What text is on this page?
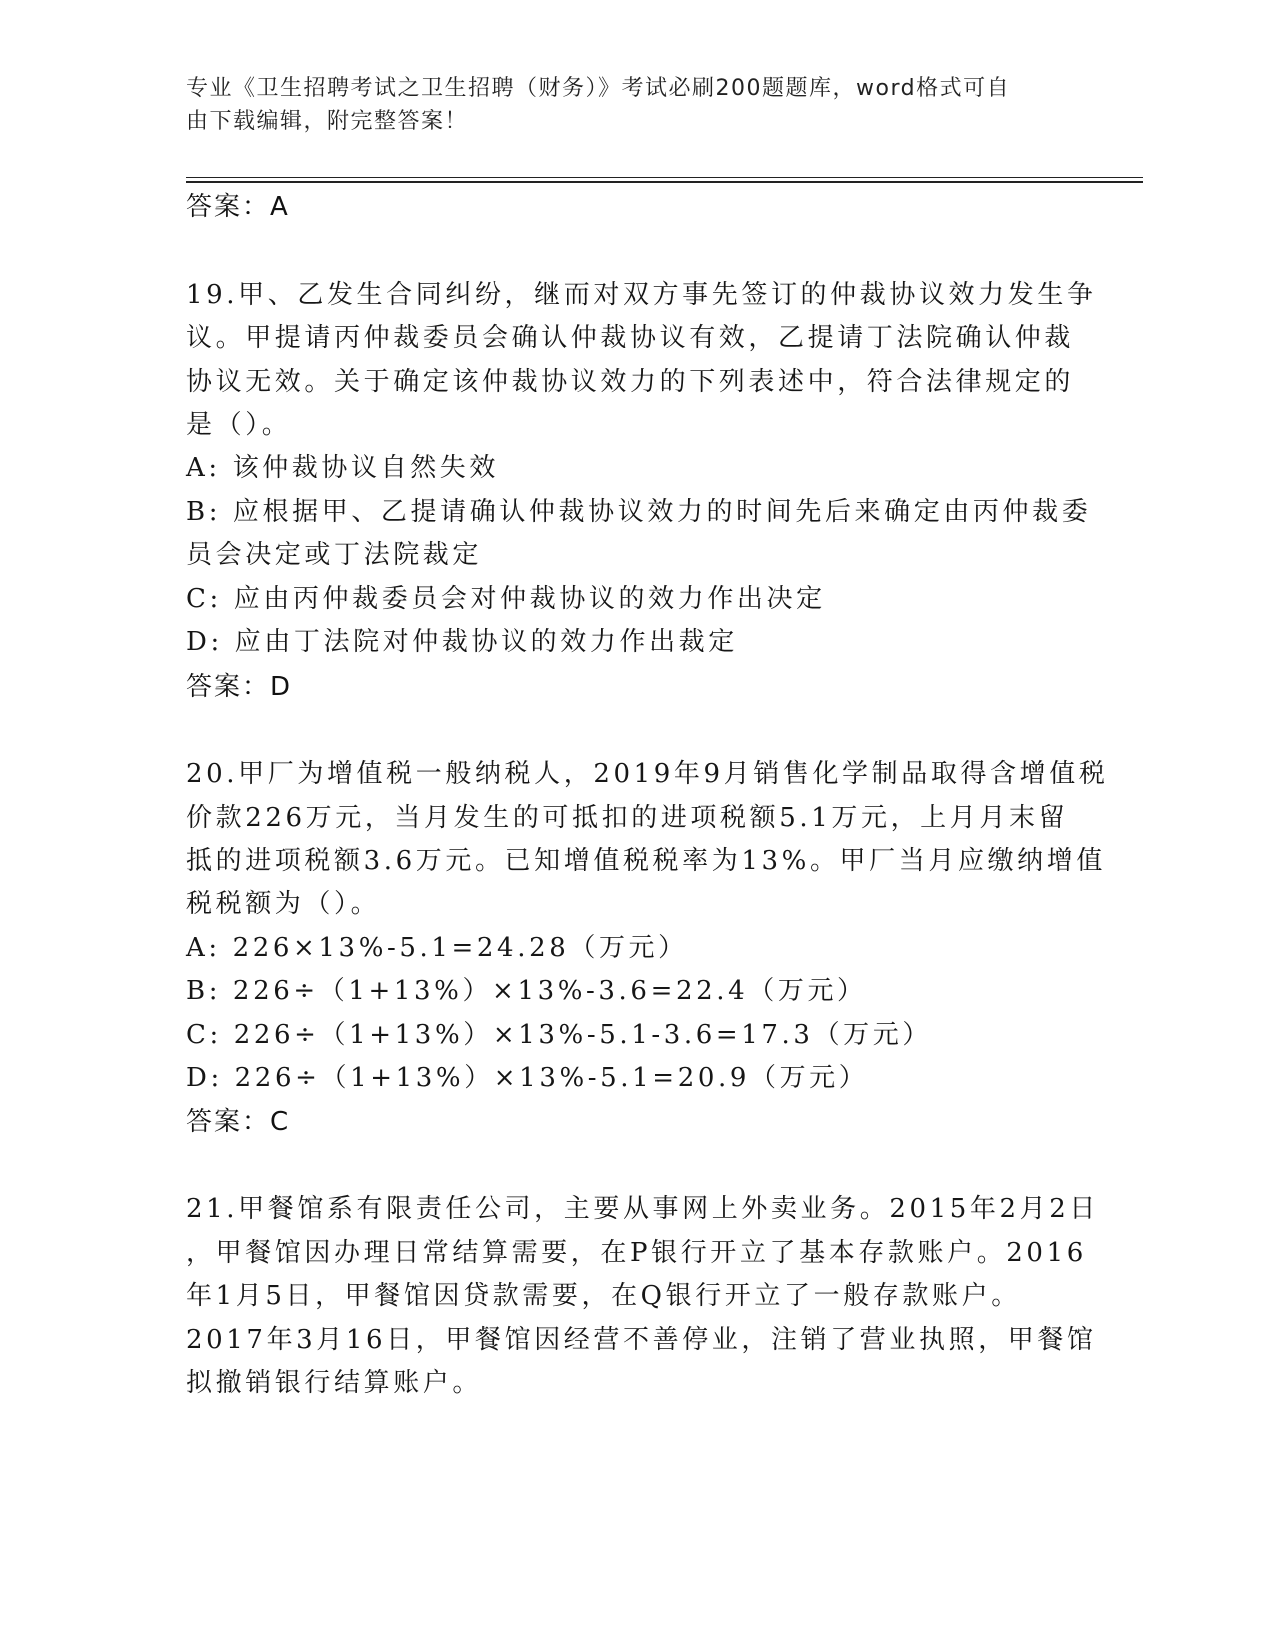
专业《卫生招聘考试之卫生招聘（财务）》考试必刷200题题库，word格式可自
由下载编辑，附完整答案！
答案：A
19.甲、乙发生合同纠纷，继而对双方事先签订的仲裁协议效力发生争
议。甲提请丙仲裁委员会确认仲裁协议有效，乙提请丁法院确认仲裁
协议无效。关于确定该仲裁协议效力的下列表述中，符合法律规定的
是（）。
A: 该仲裁协议自然失效
B: 应根据甲、乙提请确认仲裁协议效力的时间先后来确定由丙仲裁委
员会决定或丁法院裁定
C: 应由丙仲裁委员会对仲裁协议的效力作出决定
D: 应由丁法院对仲裁协议的效力作出裁定
答案：D
20.甲厂为增值税一般纳税人，2019年9月销售化学制品取得含增值税
价款226万元，当月发生的可抵扣的进项税额5.1万元，上月月末留
抵的进项税额3.6万元。已知增值税税率为13%。甲厂当月应缴纳增值
税税额为（）。
A: 226×13%-5.1=24.28（万元）
B: 226÷（1+13%）×13%-3.6=22.4（万元）
C: 226÷（1+13%）×13%-5.1-3.6=17.3（万元）
D: 226÷（1+13%）×13%-5.1=20.9（万元）
答案：C
21.甲餐馆系有限责任公司，主要从事网上外卖业务。2015年2月2日
，甲餐馆因办理日常结算需要，在P银行开立了基本存款账户。2016
年1月5日，甲餐馆因贷款需要，在Q银行开立了一般存款账户。
2017年3月16日，甲餐馆因经营不善停业，注销了营业执照，甲餐馆
拟撤销银行结算账户。
